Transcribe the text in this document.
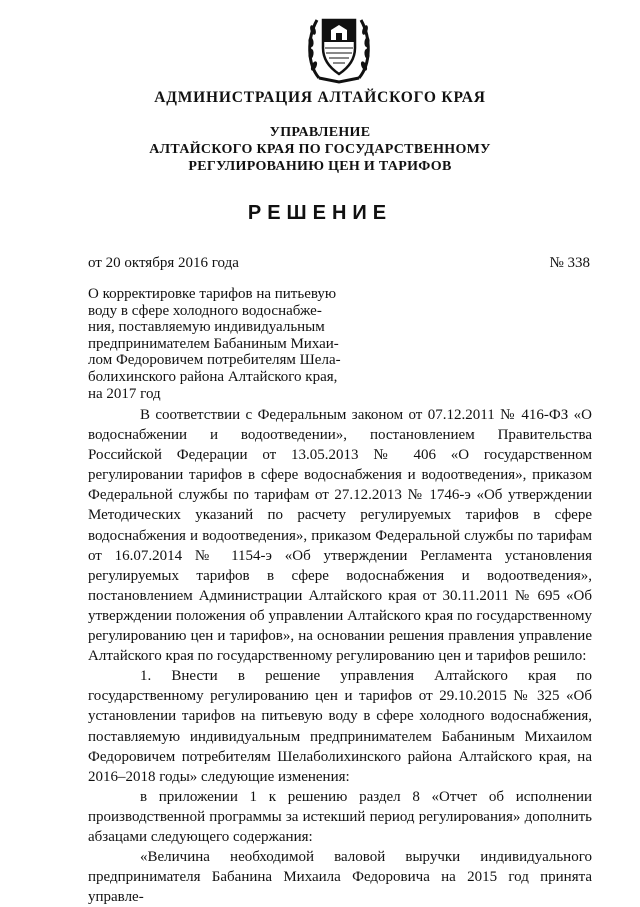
АДМИНИСТРАЦИЯ АЛТАЙСКОГО КРАЯ
УПРАВЛЕНИЕ
АЛТАЙСКОГО КРАЯ ПО ГОСУДАРСТВЕННОМУ
РЕГУЛИРОВАНИЮ ЦЕН И ТАРИФОВ
РЕШЕНИЕ
от 20 октября 2016 года	№ 338
О корректировке тарифов на питьевую
воду в сфере холодного водоснабже-
ния, поставляемую индивидуальным
предпринимателем Бабаниным Михаи-
лом Федоровичем потребителям Шела-
болихинского района Алтайского края,
на 2017 год

В соответствии с Федеральным законом от 07.12.2011 № 416-ФЗ «О водоснабжении и водоотведении», постановлением Правительства Российской Федерации от 13.05.2013 № 406 «О государственном регулировании тарифов в сфере водоснабжения и водоотведения», приказом Федеральной службы по тарифам от 27.12.2013 № 1746-э «Об утверждении Методических указаний по расчету регулируемых тарифов в сфере водоснабжения и водоотведения», приказом Федеральной службы по тарифам от 16.07.2014 № 1154-э «Об утверждении Регламента установления регулируемых тарифов в сфере водоснабжения и водоотведения», постановлением Администрации Алтайского края от 30.11.2011 № 695 «Об утверждении положения об управлении Алтайского края по государственному регулированию цен и тарифов», на основании решения правления управление Алтайского края по государственному регулированию цен и тарифов решило:

1. Внести в решение управления Алтайского края по государственному регулированию цен и тарифов от 29.10.2015 № 325 «Об установлении тарифов на питьевую воду в сфере холодного водоснабжения, поставляемую индивидуальным предпринимателем Бабаниным Михаилом Федоровичем потребителям Шелаболихинского района Алтайского края, на 2016–2018 годы» следующие изменения:

в приложении 1 к решению раздел 8 «Отчет об исполнении производственной программы за истекший период регулирования» дополнить абзацами следующего содержания:

«Величина необходимой валовой выручки индивидуального предпринимателя Бабанина Михаила Федоровича на 2015 год принята управле-
